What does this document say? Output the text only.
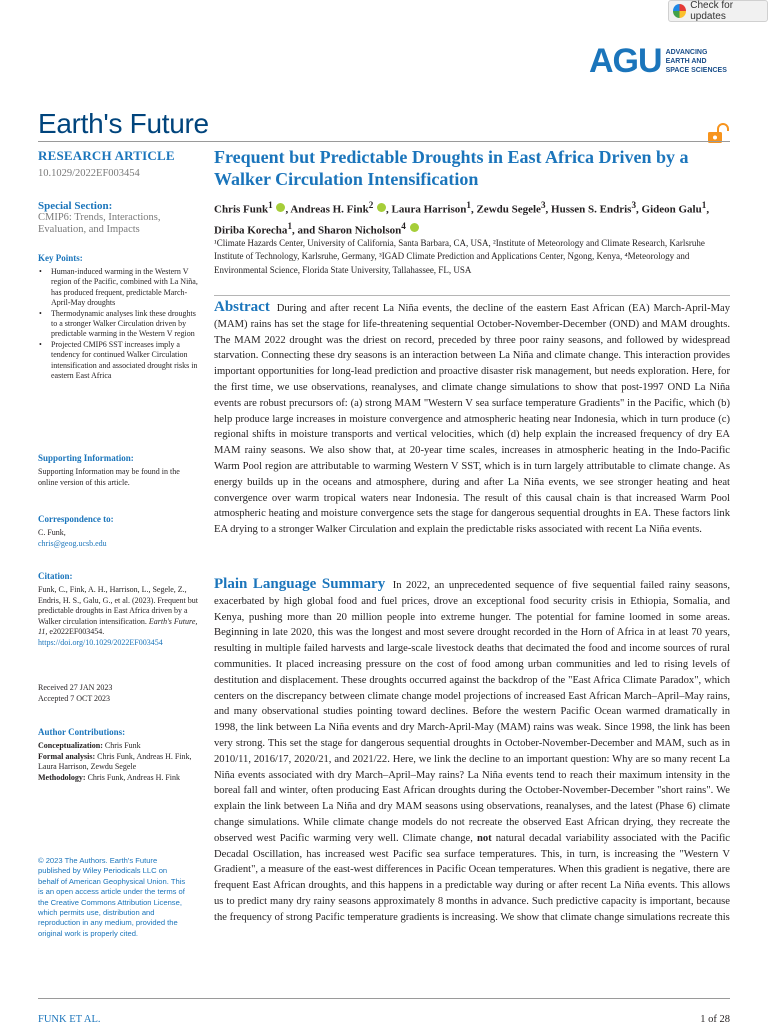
Check for updates
AGU ADVANCING
EARTH AND
SPACE SCIENCES
Earth's Future
RESEARCH ARTICLE
10.1029/2022EF003454
Special Section:
CMIP6: Trends, Interactions, Evaluation, and Impacts
Key Points:
• Human-induced warming in the Western V region of the Pacific, combined with La Niña, has produced frequent, predictable March-April-May droughts
• Thermodynamic analyses link these droughts to a stronger Walker Circulation driven by predictable warming in the Western V region
• Projected CMIP6 SST increases imply a tendency for continued Walker Circulation intensification and associated drought risks in eastern East Africa
Supporting Information:
Supporting Information may be found in the online version of this article.
Correspondence to:
C. Funk,
chris@geog.ucsb.edu
Citation:
Funk, C., Fink, A. H., Harrison, L., Segele, Z., Endris, H. S., Galu, G., et al. (2023). Frequent but predictable droughts in East Africa driven by a Walker circulation intensification. Earth's Future, 11, e2022EF003454. https://doi.org/10.1029/2022EF003454
Received 27 JAN 2023
Accepted 7 OCT 2023
Author Contributions:
Conceptualization: Chris Funk
Formal analysis: Chris Funk, Andreas H. Fink, Laura Harrison, Zewdu Segele
Methodology: Chris Funk, Andreas H. Fink
© 2023 The Authors. Earth's Future published by Wiley Periodicals LLC on behalf of American Geophysical Union. This is an open access article under the terms of the Creative Commons Attribution License, which permits use, distribution and reproduction in any medium, provided the original work is properly cited.
Frequent but Predictable Droughts in East Africa Driven by a Walker Circulation Intensification
Chris Funk$^1$ , Andreas H. Fink$^2$ , Laura Harrison$^1$, Zewdu Segele$^3$, Hussen S. Endris$^3$, Gideon Galu$^1$, Diriba Korecha$^1$, and Sharon Nicholson$^4$
¹Climate Hazards Center, University of California, Santa Barbara, CA, USA, ²Institute of Meteorology and Climate Research, Karlsruhe Institute of Technology, Karlsruhe, Germany, ³IGAD Climate Prediction and Applications Center, Ngong, Kenya, ⁴Meteorology and Environmental Science, Florida State University, Tallahassee, FL, USA
Abstract During and after recent La Niña events, the decline of the eastern East African (EA) March-April-May (MAM) rains has set the stage for life-threatening sequential October-November-December (OND) and MAM droughts. The MAM 2022 drought was the driest on record, preceded by three poor rainy seasons, and followed by widespread starvation. Connecting these dry seasons is an interaction between La Niña and climate change. This interaction provides important opportunities for long-lead prediction and proactive disaster risk management, but needs exploration. Here, for the first time, we use observations, reanalyses, and climate change simulations to show that post-1997 OND La Niña events are robust precursors of: (a) strong MAM "Western V sea surface temperature Gradients" in the Pacific, which (b) help produce large increases in moisture convergence and atmospheric heating near Indonesia, which in turn produce (c) regional shifts in moisture transports and vertical velocities, which (d) help explain the increased frequency of dry EA MAM rainy seasons. We also show that, at 20-year time scales, increases in atmospheric heating in the Indo-Pacific Warm Pool region are attributable to warming Western V SST, which is in turn largely attributable to climate change. As energy builds up in the oceans and atmosphere, during and after La Niña events, we see stronger heating and heat convergence over warm tropical waters near Indonesia. The result of this causal chain is that increased Warm Pool atmospheric heating and moisture convergence sets the stage for dangerous sequential droughts in EA. These factors link EA drying to a stronger Walker Circulation and explain the predictable risks associated with recent La Niña events.
Plain Language Summary In 2022, an unprecedented sequence of five sequential failed rainy seasons, exacerbated by high global food and fuel prices, drove an exceptional food security crisis in Ethiopia, Somalia, and Kenya, pushing more than 20 million people into extreme hunger. The potential for famine loomed in some areas. Beginning in late 2020, this was the longest and most severe drought recorded in the Horn of Africa in at least 70 years, resulting in multiple failed harvests and large-scale livestock deaths that decimated the food and income sources of rural communities. It placed increasing pressure on the cost of food among urban communities and led to rising levels of destitution and displacement. These droughts occurred against the backdrop of the "East Africa Climate Paradox", which centers on the discrepancy between climate change model projections of increased East African March–April–May rains, and many observational studies pointing toward declines. Before the western Pacific Ocean warmed dramatically in 1998, the link between La Niña events and dry March-April-May (MAM) rains was weak. Since 1998, the link has been very strong. This set the stage for dangerous sequential droughts in October-November-December and MAM, such as in 2010/11, 2016/17, 2020/21, and 2021/22. Here, we link the decline to an important question: Why are so many recent La Niña events associated with dry March–April–May rains? La Niña events tend to reach their maximum intensity in the boreal fall and winter, often producing East African droughts during the October-November-December "short rains". We explain the link between La Niña and dry MAM seasons using observations, reanalyses, and the latest (Phase 6) climate change simulations. While climate change models do not recreate the observed East African drying, they recreate the observed west Pacific warming very well. Climate change, not natural decadal variability associated with the Pacific Decadal Oscillation, has increased west Pacific sea surface temperatures. This, in turn, is increasing the "Western V Gradient", a measure of the east-west differences in Pacific Ocean temperatures. When this gradient is negative, there are frequent East African droughts, and this happens in a predictable way during or after recent La Niña events. This allows us to predict many dry rainy seasons approximately 8 months in advance. Such predictive capacity is important, because the frequency of strong Pacific temperature gradients is increasing. We show that climate change simulations recreate this
FUNK ET AL.	1 of 28
